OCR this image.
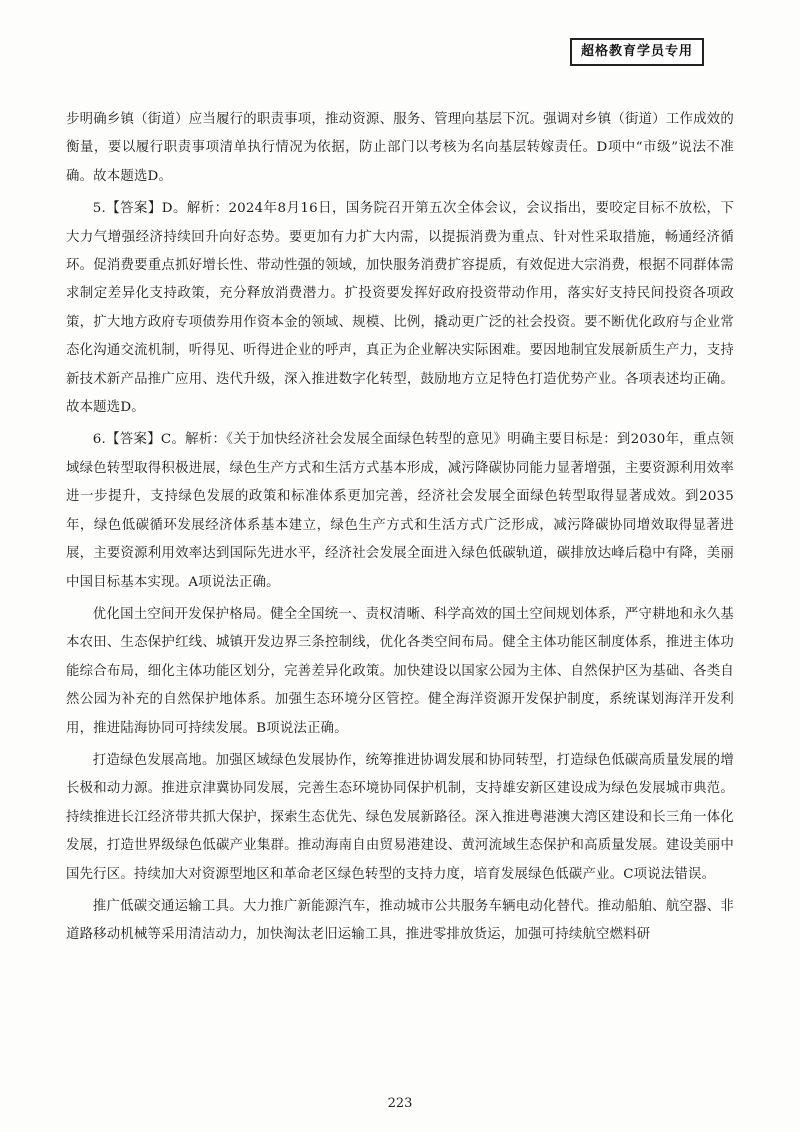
超格教育学员专用

步明确乡镇（街道）应当履行的职责事项，推动资源、服务、管理向基层下沉。强调对乡镇（街道）工作成效的衡量，要以履行职责事项清单执行情况为依据，防止部门以考核为名向基层转嫁责任。D项中“市级”说法不准确。故本题选D。

5.【答案】D。解析：2024年8月16日，国务院召开第五次全体会议，会议指出，要咬定目标不放松，下大力气增强经济持续回升向好态势。要更加有力扩大内需，以提振消费为重点、针对性采取措施，畅通经济循环。促消费要重点抓好增长性、带动性强的领域，加快服务消费扩容提质，有效促进大宗消费，根据不同群体需求制定差异化支持政策，充分释放消费潜力。扩投资要发挥好政府投资带动作用，落实好支持民间投资各项政策，扩大地方政府专项债券用作资本金的领域、规模、比例，撬动更广泛的社会投资。要不断优化政府与企业常态化沟通交流机制，听得见、听得进企业的呼声，真正为企业解决实际困难。要因地制宜发展新质生产力，支持新技术新产品推广应用、迭代升级，深入推进数字化转型，鼓励地方立足特色打造优势产业。各项表述均正确。故本题选D。

6.【答案】C。解析：《关于加快经济社会发展全面绿色转型的意见》明确主要目标是：到2030年，重点领域绿色转型取得积极进展，绿色生产方式和生活方式基本形成，减污降碳协同能力显著增强，主要资源利用效率进一步提升，支持绿色发展的政策和标准体系更加完善，经济社会发展全面绿色转型取得显著成效。到2035年，绿色低碳循环发展经济体系基本建立，绿色生产方式和生活方式广泛形成，减污降碳协同增效取得显著进展，主要资源利用效率达到国际先进水平，经济社会发展全面进入绿色低碳轨道，碳排放达峰后稳中有降，美丽中国目标基本实现。A项说法正确。

优化国土空间开发保护格局。健全全国统一、责权清晰、科学高效的国土空间规划体系，严守耕地和永久基本农田、生态保护红线、城镇开发边界三条控制线，优化各类空间布局。健全主体功能区制度体系，推进主体功能综合布局，细化主体功能区划分，完善差异化政策。加快建设以国家公园为主体、自然保护区为基础、各类自然公园为补充的自然保护地体系。加强生态环境分区管控。健全海洋资源开发保护制度，系统谋划海洋开发利用，推进陆海协同可持续发展。B项说法正确。

打造绿色发展高地。加强区域绿色发展协作，统筹推进协调发展和协同转型，打造绿色低碳高质量发展的增长极和动力源。推进京津冀协同发展，完善生态环境协同保护机制，支持雄安新区建设成为绿色发展城市典范。持续推进长江经济带共抓大保护，探索生态优先、绿色发展新路径。深入推进粤港澳大湾区建设和长三角一体化发展，打造世界级绿色低碳产业集群。推动海南自由贸易港建设、黄河流域生态保护和高质量发展。建设美丽中国先行区。持续加大对资源型地区和革命老区绿色转型的支持力度，培育发展绿色低碳产业。C项说法错误。

推广低碳交通运输工具。大力推广新能源汽车，推动城市公共服务车辆电动化替代。推动船舶、航空器、非道路移动机械等采用清洁动力，加快淘汰老旧运输工具，推进零排放货运，加强可持续航空燃料研

223
